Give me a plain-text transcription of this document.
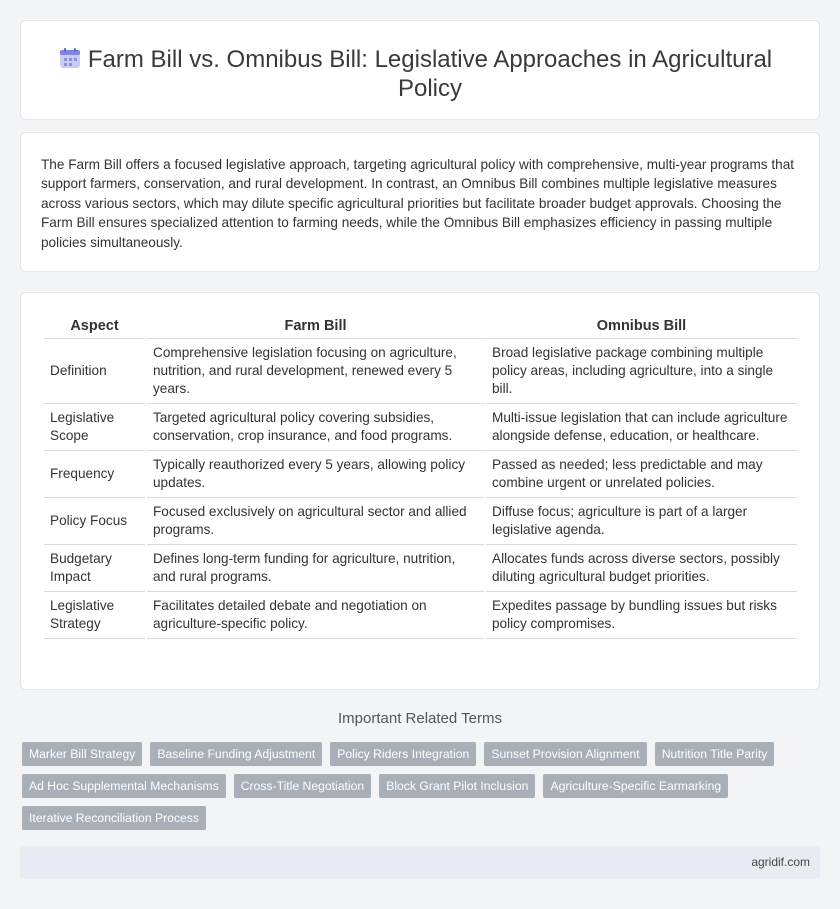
Farm Bill vs. Omnibus Bill: Legislative Approaches in Agricultural Policy

The Farm Bill offers a focused legislative approach, targeting agricultural policy with comprehensive, multi-year programs that support farmers, conservation, and rural development. In contrast, an Omnibus Bill combines multiple legislative measures across various sectors, which may dilute specific agricultural priorities but facilitate broader budget approvals. Choosing the Farm Bill ensures specialized attention to farming needs, while the Omnibus Bill emphasizes efficiency in passing multiple policies simultaneously.

Aspect	Farm Bill	Omnibus Bill
Definition	Comprehensive legislation focusing on agriculture, nutrition, and rural development, renewed every 5 years.	Broad legislative package combining multiple policy areas, including agriculture, into a single bill.
Legislative Scope	Targeted agricultural policy covering subsidies, conservation, crop insurance, and food programs.	Multi-issue legislation that can include agriculture alongside defense, education, or healthcare.
Frequency	Typically reauthorized every 5 years, allowing policy updates.	Passed as needed; less predictable and may combine urgent or unrelated policies.
Policy Focus	Focused exclusively on agricultural sector and allied programs.	Diffuse focus; agriculture is part of a larger legislative agenda.
Budgetary Impact	Defines long-term funding for agriculture, nutrition, and rural programs.	Allocates funds across diverse sectors, possibly diluting agricultural budget priorities.
Legislative Strategy	Facilitates detailed debate and negotiation on agriculture-specific policy.	Expedites passage by bundling issues but risks policy compromises.
Important Related Terms
Marker Bill Strategy	Baseline Funding Adjustment	Policy Riders Integration	Sunset Provision Alignment	Nutrition Title Parity
Ad Hoc Supplemental Mechanisms	Cross-Title Negotiation	Block Grant Pilot Inclusion	Agriculture-Specific Earmarking
Iterative Reconciliation Process
agridif.com
